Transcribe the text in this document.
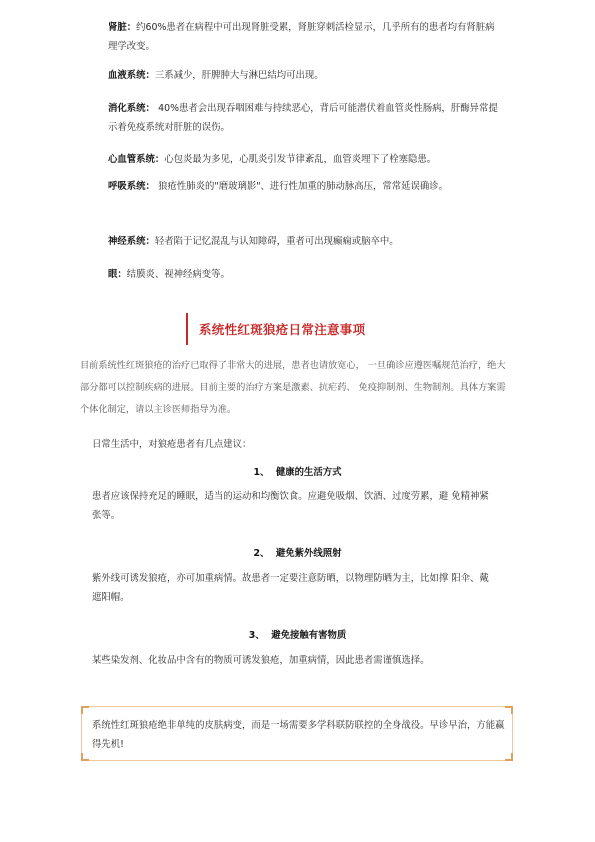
肾脏：约60%患者在病程中可出现肾脏受累，肾脏穿刺活检显示，几乎所有的患者均有肾脏病理学改变。
血液系统：三系减少，肝脾肿大与淋巴结均可出现。
消化系统： 40%患者会出现吞咽困难与持续恶心，背后可能潜伏着血管炎性肠病，肝酶异常提示着免疫系统对肝脏的误伤。
心血管系统：心包炎最为多见，心肌炎引发节律紊乱，血管炎埋下了栓塞隐患。
呼吸系统： 狼疮性肺炎的"磨玻璃影"、进行性加重的肺动脉高压，常常延误确诊。
神经系统：轻者陷于记忆混乱与认知障碍，重者可出现癫痫或脑卒中。
眼：结膜炎、视神经病变等。
系统性红斑狼疮日常注意事项
目前系统性红斑狼疮的治疗已取得了非常大的进展，患者也请放宽心， 一旦确诊应遵医嘱规范治疗，绝大部分都可以控制疾病的进展。目前主要的治疗方案是激素、抗疟药、 免疫抑制剂、生物制剂。具体方案需个体化制定，请以主诊医师指导为准。
日常生活中，对狼疮患者有几点建议：
1、 健康的生活方式
患者应该保持充足的睡眠，适当的运动和均衡饮食。应避免吸烟、饮酒、过度劳累，避 免精神紧张等。
2、 避免紫外线照射
紫外线可诱发狼疮，亦可加重病情。故患者一定要注意防晒，以物理防晒为主，比如撑 阳伞、戴遮阳帽。
3、 避免接触有害物质
某些染发剂、化妆品中含有的物质可诱发狼疮，加重病情，因此患者需谨慎选择。
系统性红斑狼疮绝非单纯的皮肤病变，而是一场需要多学科联防联控的全身战役。早诊早治，方能赢得先机!
